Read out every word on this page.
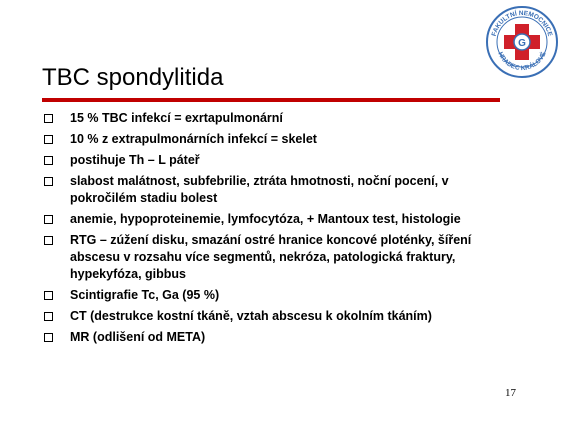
TBC spondylitida
FAKULTNÍ NEMOCNICE
HRADEC KRÁLOVÉ
G
15 % TBC infekcí = exrtapulmonární
10 % z extrapulmonárních infekcí = skelet
postihuje Th – L páteř
slabost malátnost, subfebrilie, ztráta hmotnosti, noční pocení, v pokročilém stadiu bolest
anemie, hypoproteinemie, lymfocytóza, + Mantoux test, histologie
RTG – zúžení disku, smazání ostré hranice koncové ploténky, šíření abscesu v rozsahu více segmentů, nekróza, patologická fraktury, hypekyfóza, gibbus
Scintigrafie Tc, Ga (95 %)
CT (destrukce kostní tkáně, vztah abscesu k okolním tkáním)
MR (odlišení od META)
17
